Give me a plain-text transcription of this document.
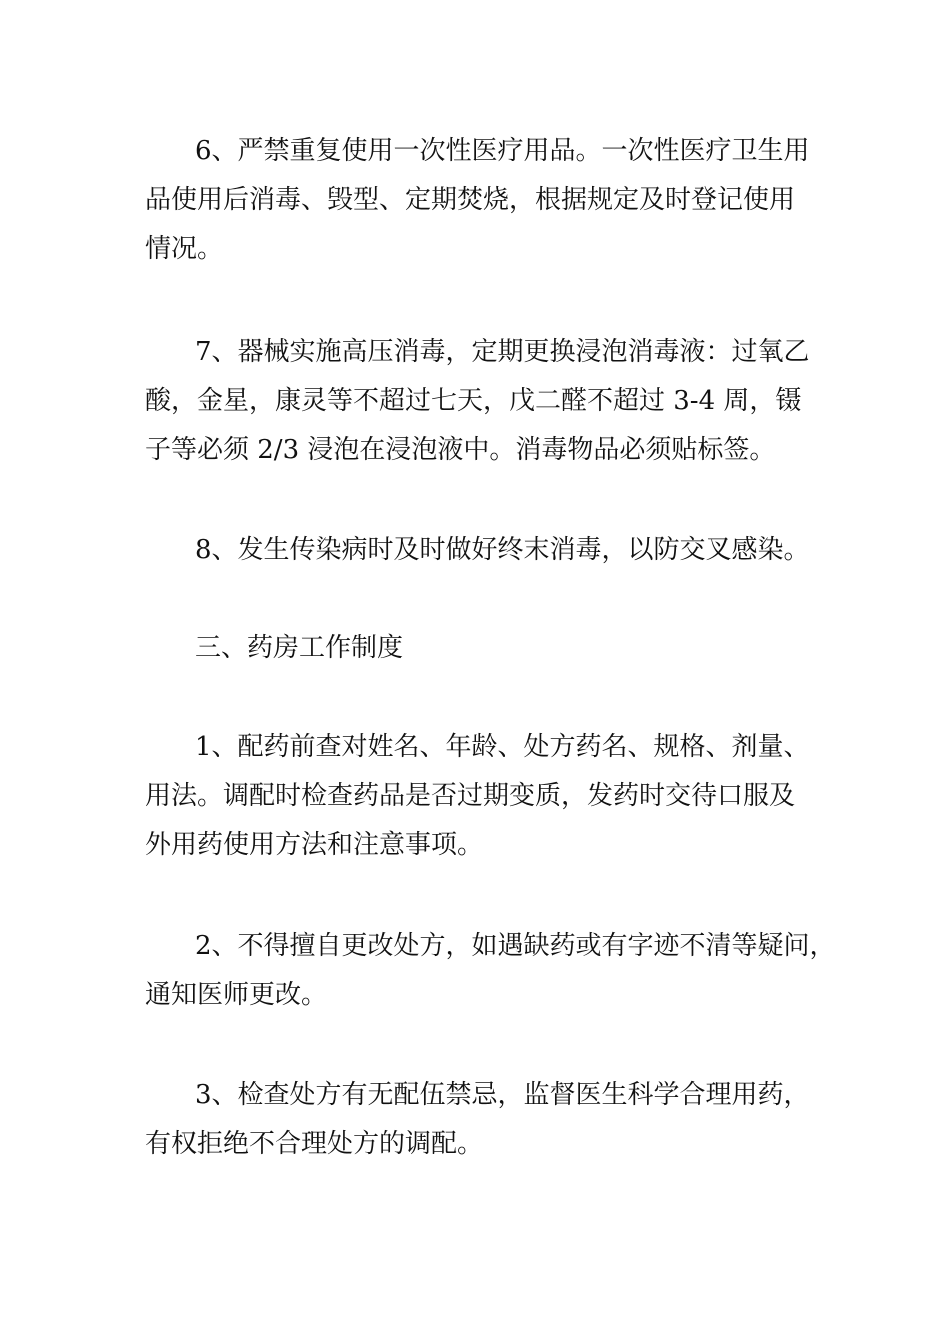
6、严禁重复使用一次性医疗用品。一次性医疗卫生用
品使用后消毒、毁型、定期焚烧，根据规定及时登记使用
情况。
7、器械实施高压消毒，定期更换浸泡消毒液：过氧乙
酸，金星，康灵等不超过七天，戊二醛不超过 3-4 周，镊
子等必须 2/3 浸泡在浸泡液中。消毒物品必须贴标签。
8、发生传染病时及时做好终末消毒，以防交叉感染。
三、药房工作制度
1、配药前查对姓名、年龄、处方药名、规格、剂量、
用法。调配时检查药品是否过期变质，发药时交待口服及
外用药使用方法和注意事项。
2、不得擅自更改处方，如遇缺药或有字迹不清等疑问，
通知医师更改。
3、检查处方有无配伍禁忌，监督医生科学合理用药，
有权拒绝不合理处方的调配。
